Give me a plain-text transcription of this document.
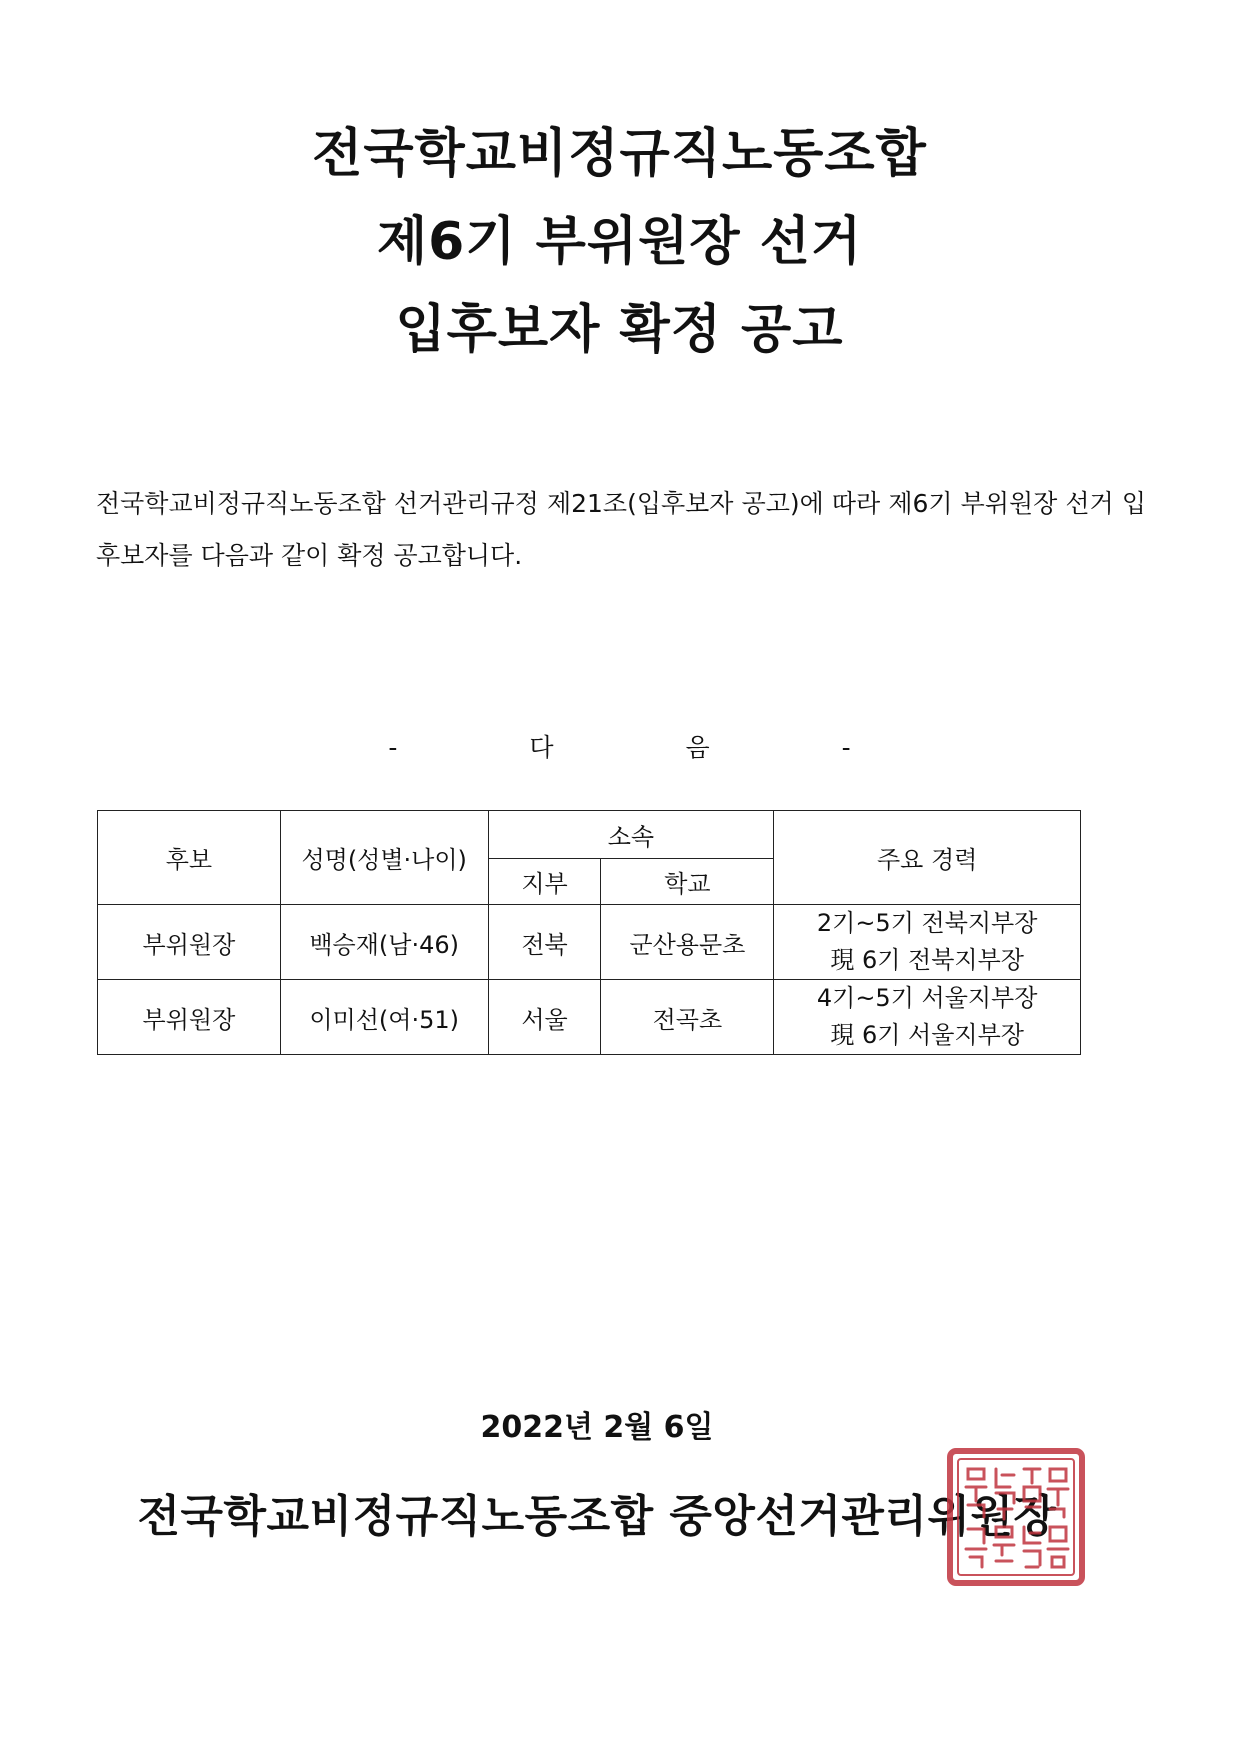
전국학교비정규직노동조합

제6기 부위원장 선거

입후보자 확정 공고

전국학교비정규직노동조합 선거관리규정 제21조(입후보자 공고)에 따라 제6기 부위원장 선거 입후보자를 다음과 같이 확정 공고합니다.
- 다 음 -
후보	성명(성별·나이)	소속		주요 경력
		지부	학교	
부위원장	백승재(남·46)	전북	군산용문초	2기~5기 전북지부장
現 6기 전북지부장

부위원장	이미선(여·51)	서울	전곡초	4기~5기 서울지부장
現 6기 서울지부장
2022년 2월 6일
전국학교비정규직노동조합 중앙선거관리위원장
